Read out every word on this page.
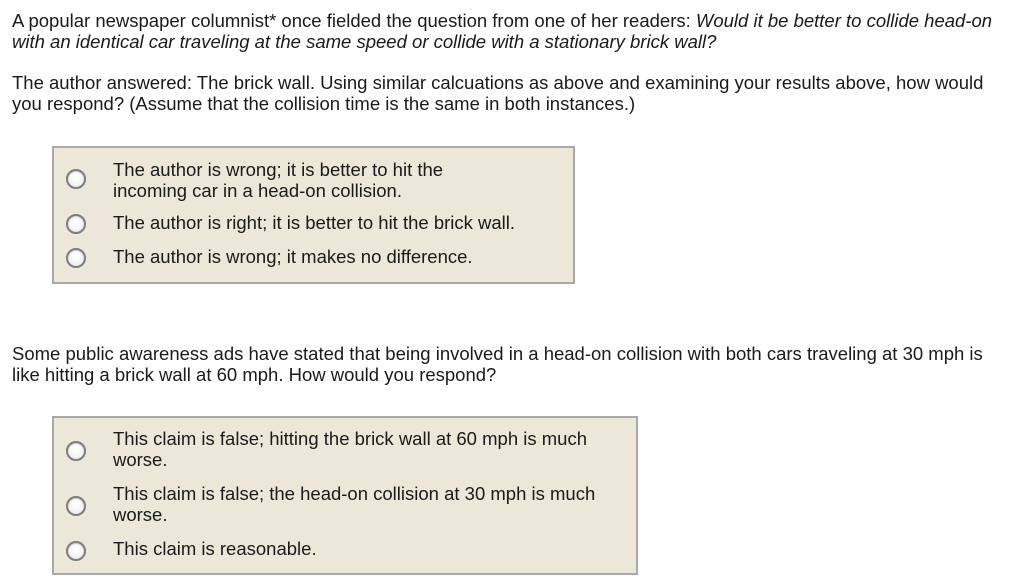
A popular newspaper columnist* once fielded the question from one of her readers: Would it be better to collide head-on with an identical car traveling at the same speed or collide with a stationary brick wall?

The author answered: The brick wall. Using similar calcuations as above and examining your results above, how would you respond? (Assume that the collision time is the same in both instances.)

The author is wrong; it is better to hit the incoming car in a head-on collision.
The author is right; it is better to hit the brick wall.
The author is wrong; it makes no difference.

Some public awareness ads have stated that being involved in a head-on collision with both cars traveling at 30 mph is like hitting a brick wall at 60 mph. How would you respond?

This claim is false; hitting the brick wall at 60 mph is much worse.
This claim is false; the head-on collision at 30 mph is much worse.
This claim is reasonable.
